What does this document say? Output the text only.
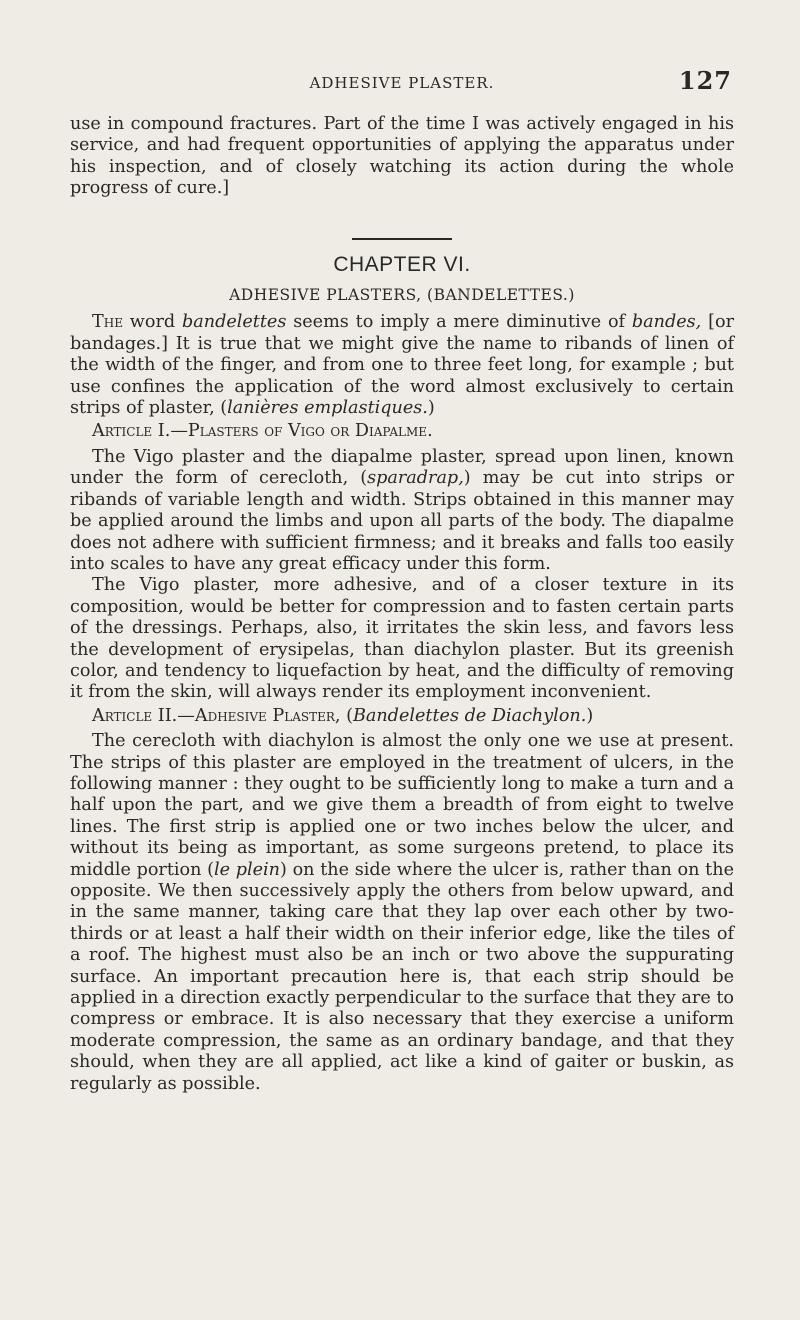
ADHESIVE PLASTER.	127

use in compound fractures. Part of the time I was actively engaged in his service, and had frequent opportunities of applying the apparatus under his inspection, and of closely watching its action during the whole progress of cure.]

CHAPTER VI.
ADHESIVE PLASTERS, (BANDELETTES.)

The word bandelettes seems to imply a mere diminutive of bandes, [or bandages.] It is true that we might give the name to ribands of linen of the width of the finger, and from one to three feet long, for example ; but use confines the application of the word almost exclusively to certain strips of plaster, (lanières emplastiques.)

Article I.—Plasters of Vigo or Diapalme.

The Vigo plaster and the diapalme plaster, spread upon linen, known under the form of cerecloth, (sparadrap,) may be cut into strips or ribands of variable length and width. Strips obtained in this manner may be applied around the limbs and upon all parts of the body. The diapalme does not adhere with sufficient firmness; and it breaks and falls too easily into scales to have any great efficacy under this form.

The Vigo plaster, more adhesive, and of a closer texture in its composition, would be better for compression and to fasten certain parts of the dressings. Perhaps, also, it irritates the skin less, and favors less the development of erysipelas, than diachylon plaster. But its greenish color, and tendency to liquefaction by heat, and the difficulty of removing it from the skin, will always render its employment inconvenient.

Article II.—Adhesive Plaster, (Bandelettes de Diachylon.)

The cerecloth with diachylon is almost the only one we use at present. The strips of this plaster are employed in the treatment of ulcers, in the following manner : they ought to be sufficiently long to make a turn and a half upon the part, and we give them a breadth of from eight to twelve lines. The first strip is applied one or two inches below the ulcer, and without its being as important, as some surgeons pretend, to place its middle portion (le plein) on the side where the ulcer is, rather than on the opposite. We then successively apply the others from below upward, and in the same manner, taking care that they lap over each other by two-thirds or at least a half their width on their inferior edge, like the tiles of a roof. The highest must also be an inch or two above the suppurating surface. An important precaution here is, that each strip should be applied in a direction exactly perpendicular to the surface that they are to compress or embrace. It is also necessary that they exercise a uniform moderate compression, the same as an ordinary bandage, and that they should, when they are all applied, act like a kind of gaiter or buskin, as regularly as possible.
